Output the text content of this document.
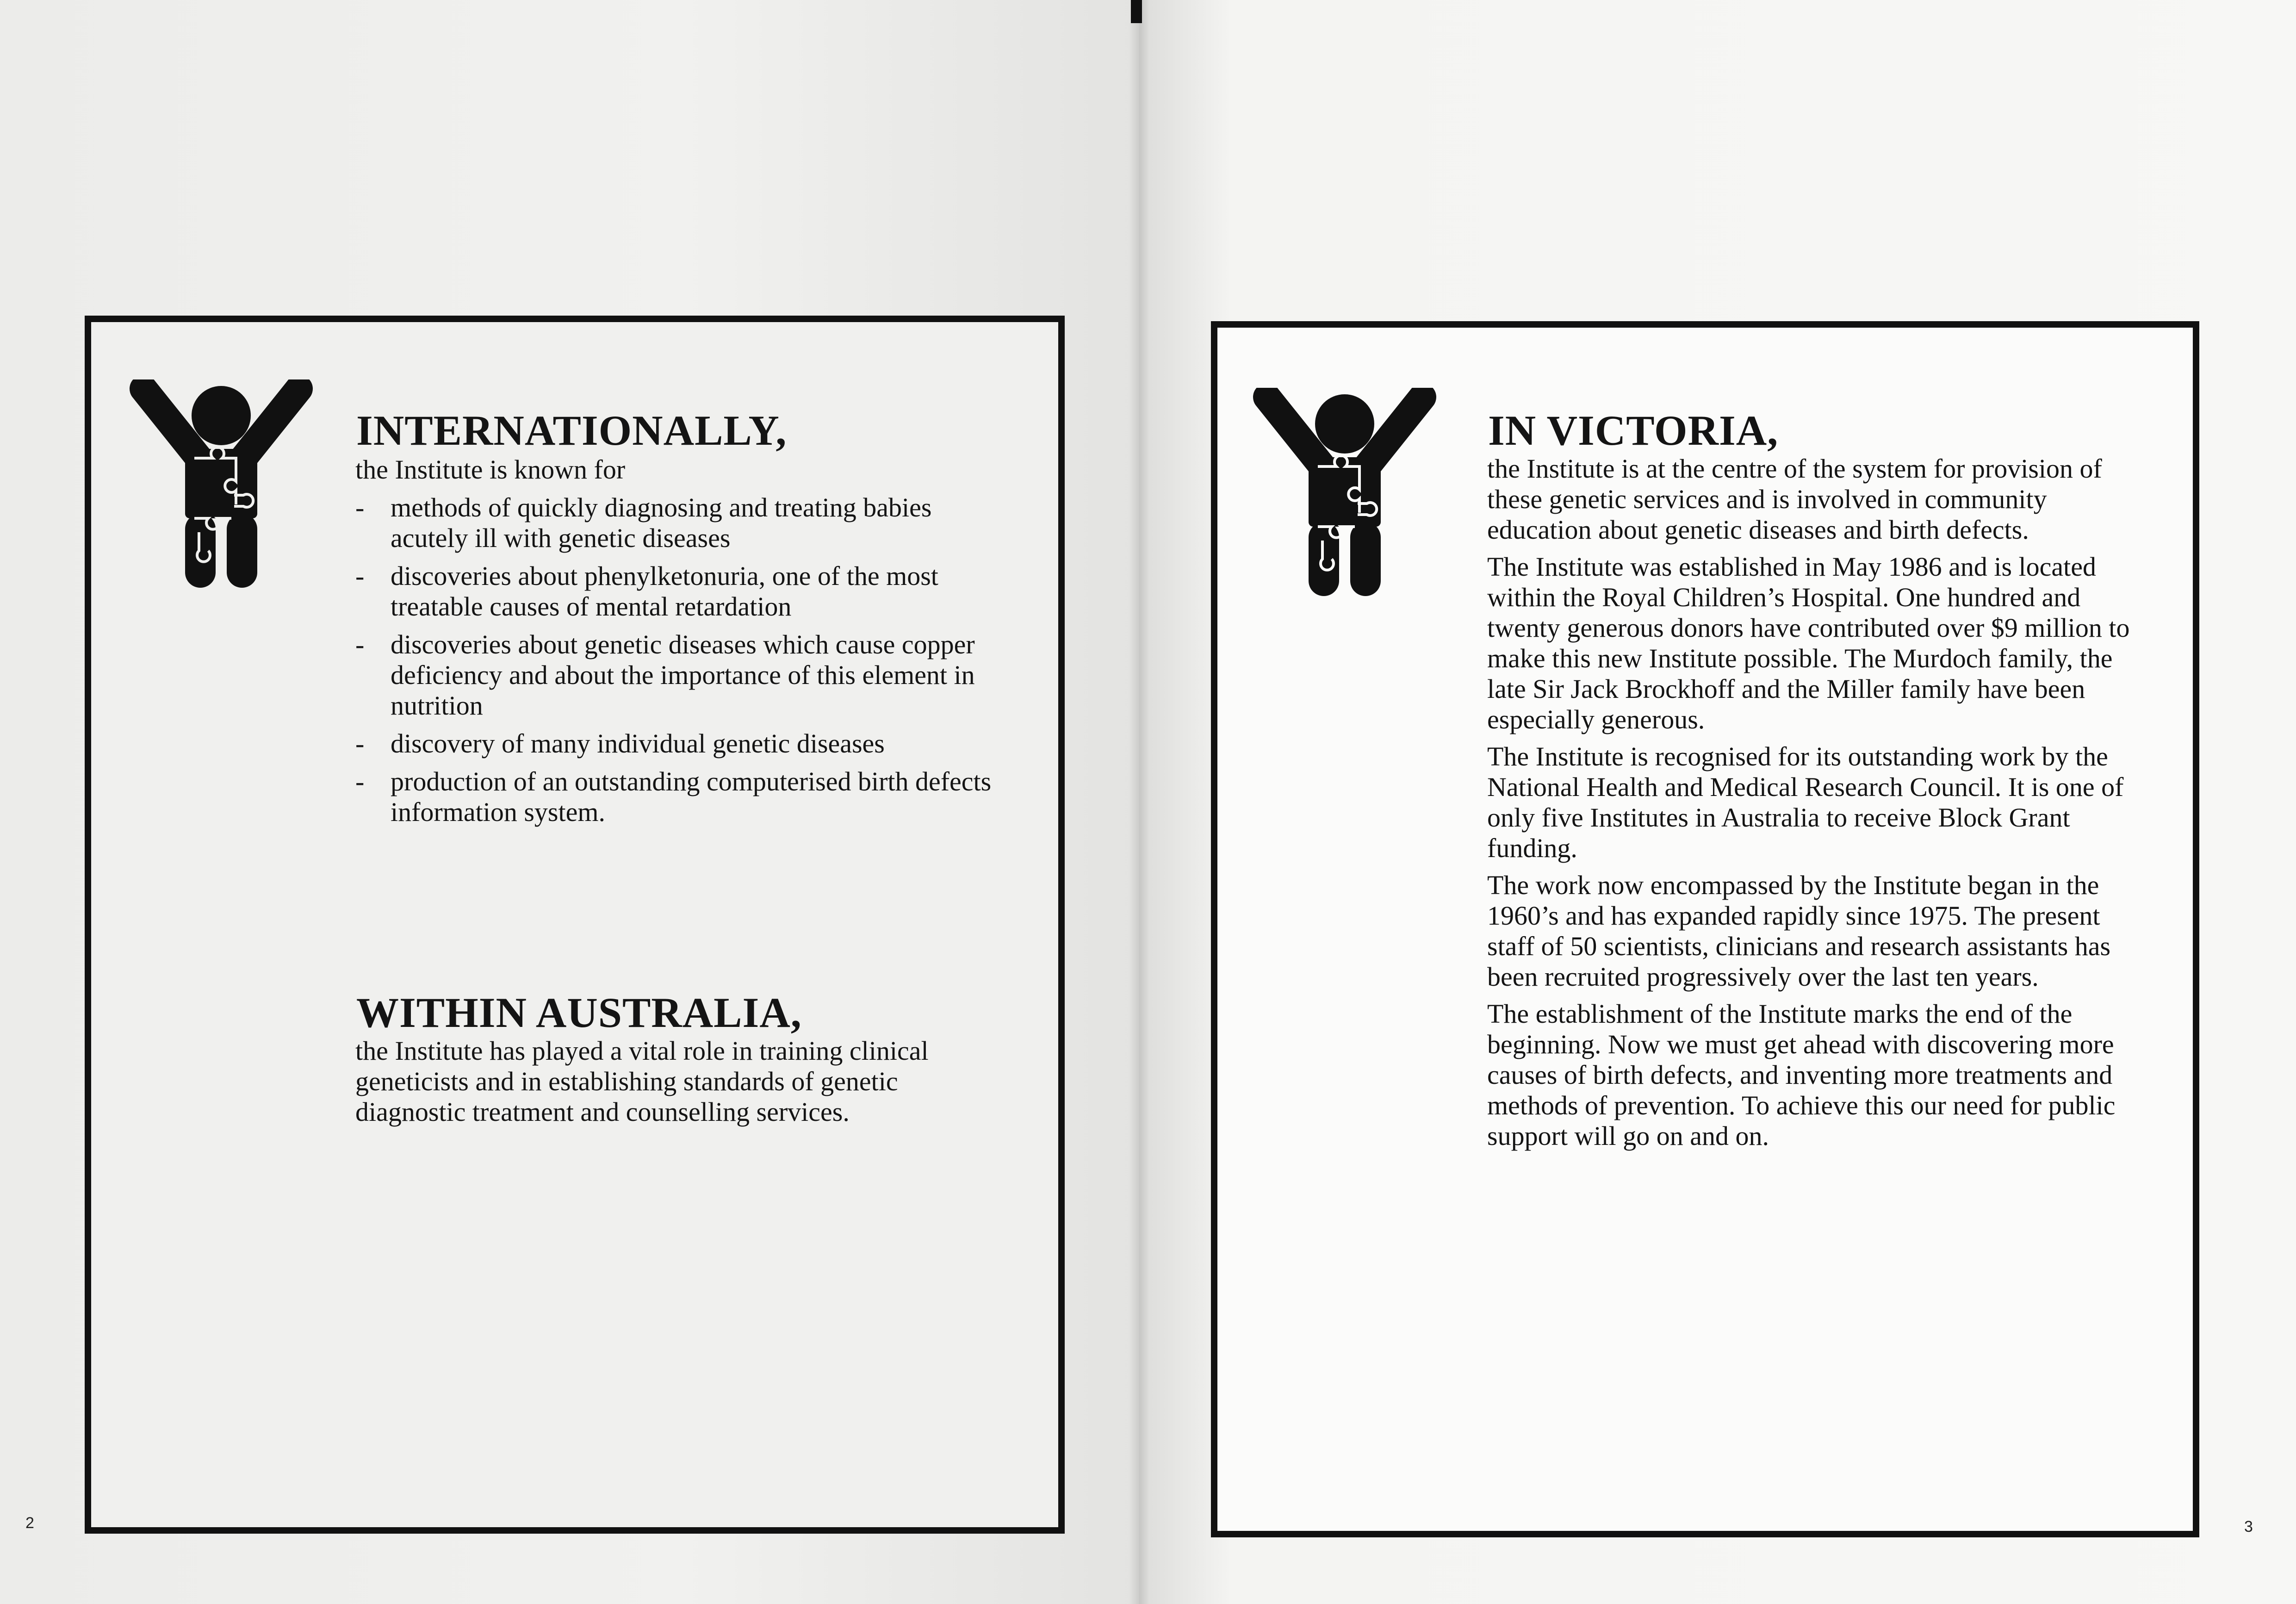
INTERNATIONALLY,
the Institute is known for
- methods of quickly diagnosing and treating babies acutely ill with genetic diseases
- discoveries about phenylketonuria, one of the most treatable causes of mental retardation
- discoveries about genetic diseases which cause copper deficiency and about the importance of this element in nutrition
- discovery of many individual genetic diseases
- production of an outstanding computerised birth defects information system.
WITHIN AUSTRALIA,

the Institute has played a vital role in training clinical geneticists and in establishing standards of genetic diagnostic treatment and counselling services.

2
IN VICTORIA,

the Institute is at the centre of the system for provision of these genetic services and is involved in community education about genetic diseases and birth defects.

The Institute was established in May 1986 and is located within the Royal Children’s Hospital. One hundred and twenty generous donors have contributed over $9 million to make this new Institute possible. The Murdoch family, the late Sir Jack Brockhoff and the Miller family have been especially generous.

The Institute is recognised for its outstanding work by the National Health and Medical Research Council. It is one of only five Institutes in Australia to receive Block Grant funding.

The work now encompassed by the Institute began in the 1960’s and has expanded rapidly since 1975. The present staff of 50 scientists, clinicians and research assistants has been recruited progressively over the last ten years.

The establishment of the Institute marks the end of the beginning. Now we must get ahead with discovering more causes of birth defects, and inventing more treatments and methods of prevention. To achieve this our need for public support will go on and on.

3
